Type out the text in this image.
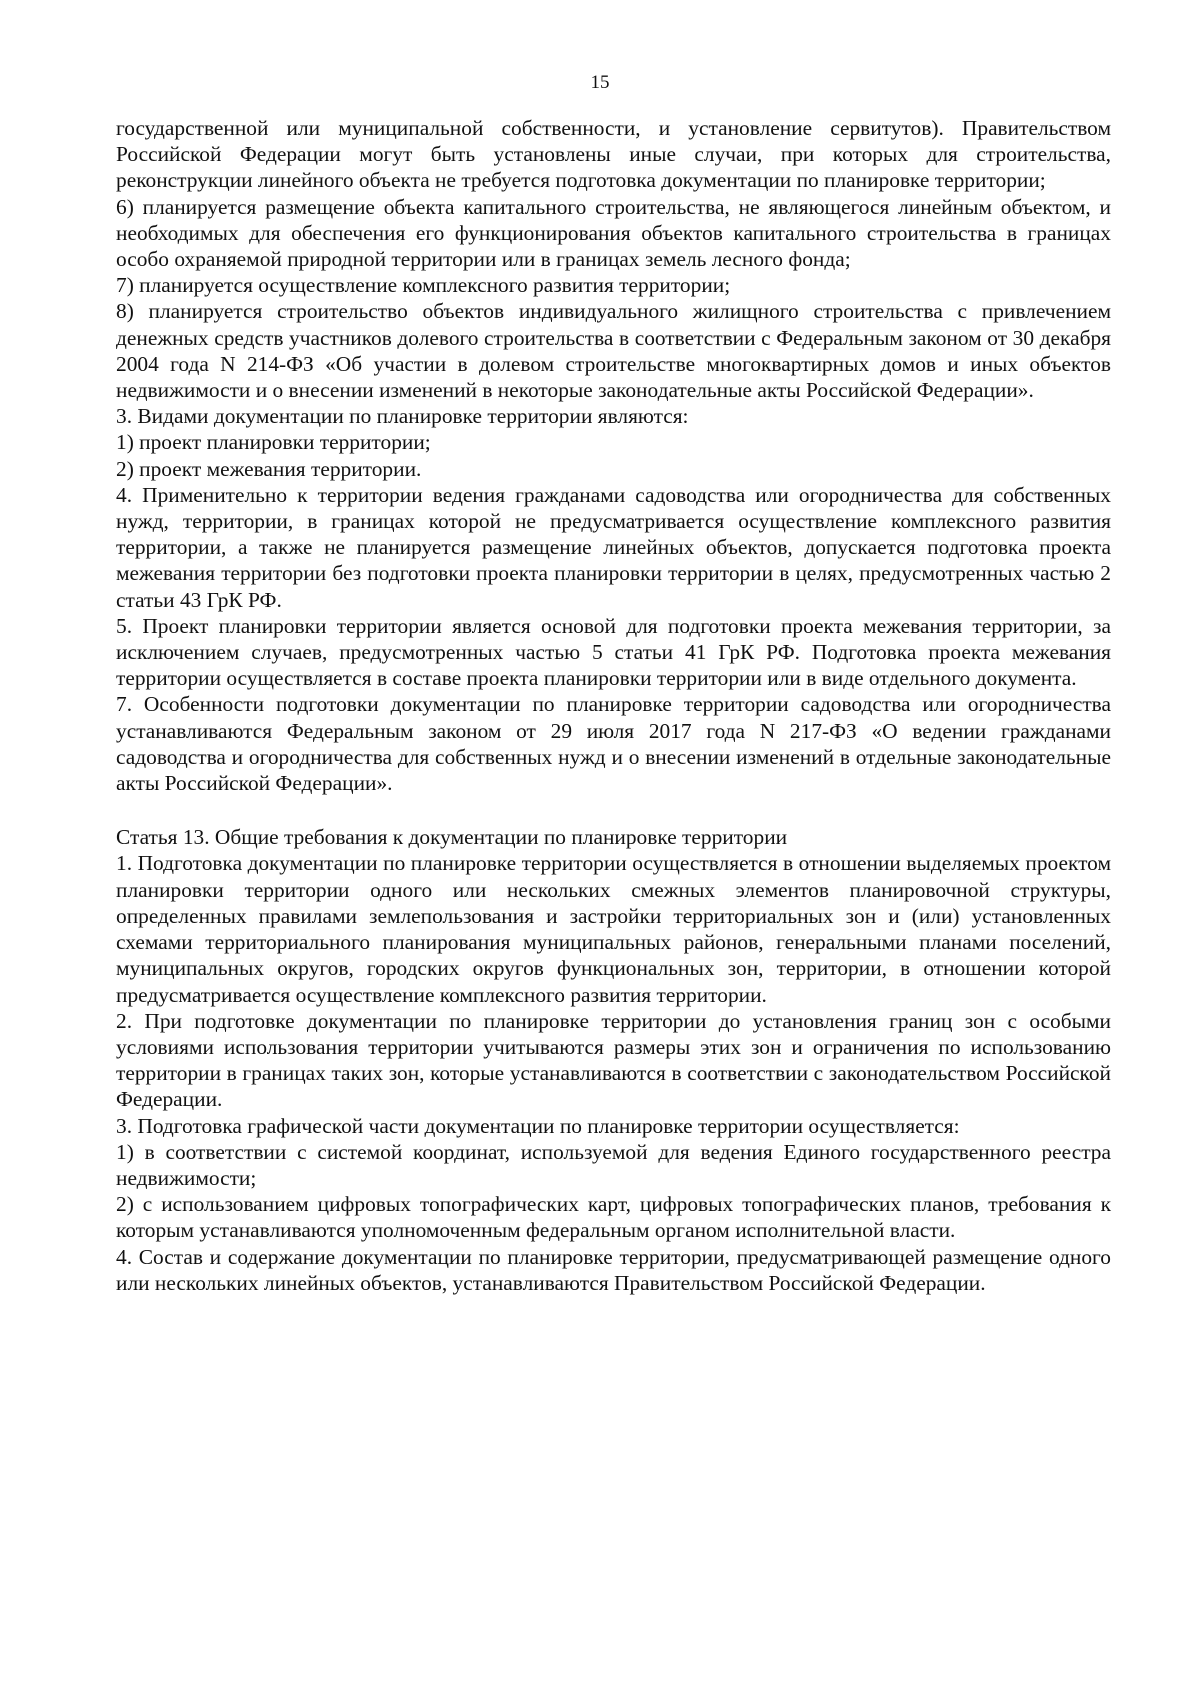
15

государственной или муниципальной собственности, и установление сервитутов). Правительством Российской Федерации могут быть установлены иные случаи, при которых для строительства, реконструкции линейного объекта не требуется подготовка документации по планировке территории;

6) планируется размещение объекта капитального строительства, не являющегося линейным объектом, и необходимых для обеспечения его функционирования объектов капитального строительства в границах особо охраняемой природной территории или в границах земель лесного фонда;

7) планируется осуществление комплексного развития территории;

8) планируется строительство объектов индивидуального жилищного строительства с привлечением денежных средств участников долевого строительства в соответствии с Федеральным законом от 30 декабря 2004 года N 214-ФЗ «Об участии в долевом строительстве многоквартирных домов и иных объектов недвижимости и о внесении изменений в некоторые законодательные акты Российской Федерации».

3. Видами документации по планировке территории являются:

1) проект планировки территории;

2) проект межевания территории.

4. Применительно к территории ведения гражданами садоводства или огородничества для собственных нужд, территории, в границах которой не предусматривается осуществление комплексного развития территории, а также не планируется размещение линейных объектов, допускается подготовка проекта межевания территории без подготовки проекта планировки территории в целях, предусмотренных частью 2 статьи 43 ГрК РФ.

5. Проект планировки территории является основой для подготовки проекта межевания территории, за исключением случаев, предусмотренных частью 5 статьи 41 ГрК РФ. Подготовка проекта межевания территории осуществляется в составе проекта планировки территории или в виде отдельного документа.

7. Особенности подготовки документации по планировке территории садоводства или огородничества устанавливаются Федеральным законом от 29 июля 2017 года N 217-ФЗ «О ведении гражданами садоводства и огородничества для собственных нужд и о внесении изменений в отдельные законодательные акты Российской Федерации».

Статья 13. Общие требования к документации по планировке территории

1. Подготовка документации по планировке территории осуществляется в отношении выделяемых проектом планировки территории одного или нескольких смежных элементов планировочной структуры, определенных правилами землепользования и застройки территориальных зон и (или) установленных схемами территориального планирования муниципальных районов, генеральными планами поселений, муниципальных округов, городских округов функциональных зон, территории, в отношении которой предусматривается осуществление комплексного развития территории.

2. При подготовке документации по планировке территории до установления границ зон с особыми условиями использования территории учитываются размеры этих зон и ограничения по использованию территории в границах таких зон, которые устанавливаются в соответствии с законодательством Российской Федерации.

3. Подготовка графической части документации по планировке территории осуществляется:

1) в соответствии с системой координат, используемой для ведения Единого государственного реестра недвижимости;

2) с использованием цифровых топографических карт, цифровых топографических планов, требования к которым устанавливаются уполномоченным федеральным органом исполнительной власти.

4. Состав и содержание документации по планировке территории, предусматривающей размещение одного или нескольких линейных объектов, устанавливаются Правительством Российской Федерации.
